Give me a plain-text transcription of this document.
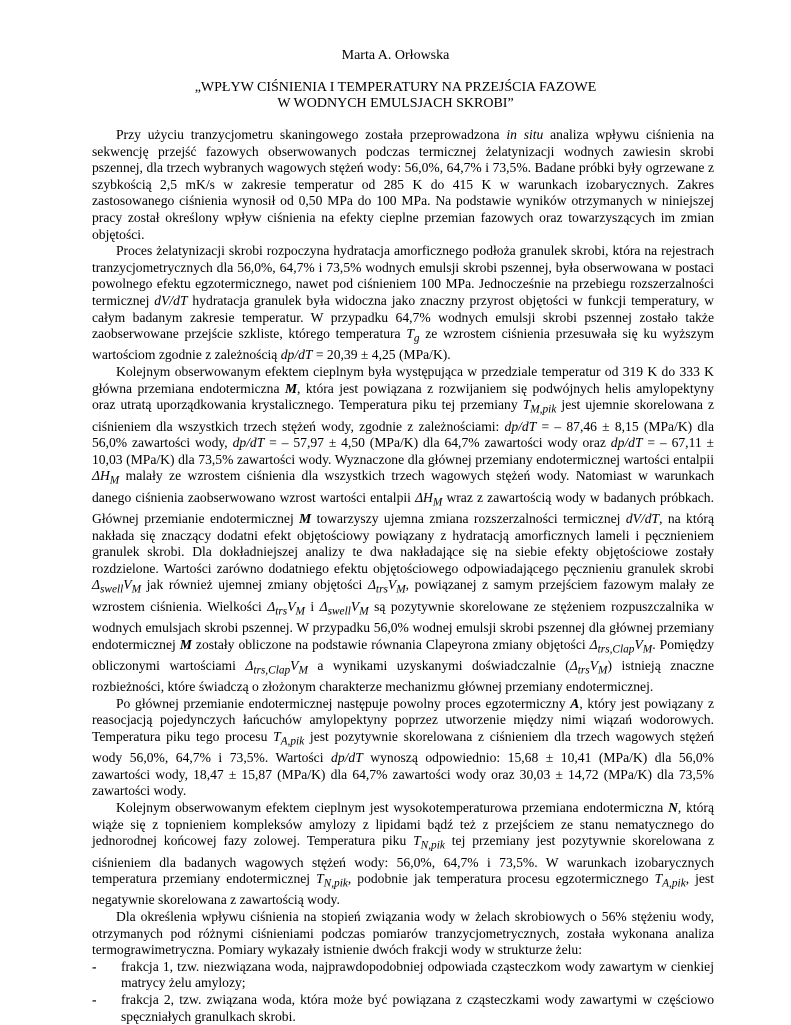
Marta A. Orłowska

„WPŁYW CIŚNIENIA I TEMPERATURY NA PRZEJŚCIA FAZOWE
W WODNYCH EMULSJACH SKROBI”

Przy użyciu tranzycjometru skaningowego została przeprowadzona in situ analiza wpływu ciśnienia na sekwencję przejść fazowych obserwowanych podczas termicznej żelatynizacji wodnych zawiesin skrobi pszennej, dla trzech wybranych wagowych stężeń wody: 56,0%, 64,7% i 73,5%. Badane próbki były ogrzewane z szybkością 2,5 mK/s w zakresie temperatur od 285 K do 415 K w warunkach izobarycznych. Zakres zastosowanego ciśnienia wynosił od 0,50 MPa do 100 MPa. Na podstawie wyników otrzymanych w niniejszej pracy został określony wpływ ciśnienia na efekty cieplne przemian fazowych oraz towarzyszących im zmian objętości.

Proces żelatynizacji skrobi rozpoczyna hydratacja amorficznego podłoża granulek skrobi, która na rejestrach tranzycjometrycznych dla 56,0%, 64,7% i 73,5% wodnych emulsji skrobi pszennej, była obserwowana w postaci powolnego efektu egzotermicznego, nawet pod ciśnieniem 100 MPa. Jednocześnie na przebiegu rozszerzalności termicznej dV/dT hydratacja granulek była widoczna jako znaczny przyrost objętości w funkcji temperatury, w całym badanym zakresie temperatur. W przypadku 64,7% wodnych emulsji skrobi pszennej zostało także zaobserwowane przejście szkliste, którego temperatura $T_g$ ze wzrostem ciśnienia przesuwała się ku wyższym wartościom zgodnie z zależnością dp/dT = 20,39 ± 4,25 (MPa/K).

Kolejnym obserwowanym efektem cieplnym była występująca w przedziale temperatur od 319 K do 333 K główna przemiana endotermiczna M, która jest powiązana z rozwijaniem się podwójnych helis amylopektyny oraz utratą uporządkowania krystalicznego. Temperatura piku tej przemiany $T_{M,pik}$ jest ujemnie skorelowana z ciśnieniem dla wszystkich trzech stężeń wody, zgodnie z zależnościami: dp/dT = – 87,46 ± 8,15 (MPa/K) dla 56,0% zawartości wody, dp/dT = – 57,97 ± 4,50 (MPa/K) dla 64,7% zawartości wody oraz dp/dT = – 67,11 ± 10,03 (MPa/K) dla 73,5% zawartości wody. Wyznaczone dla głównej przemiany endotermicznej wartości entalpii $\Delta H_M$ malały ze wzrostem ciśnienia dla wszystkich trzech wagowych stężeń wody. Natomiast w warunkach danego ciśnienia zaobserwowano wzrost wartości entalpii $\Delta H_M$ wraz z zawartością wody w badanych próbkach. Głównej przemianie endotermicznej M towarzyszy ujemna zmiana rozszerzalności termicznej dV/dT, na którą nakłada się znaczący dodatni efekt objętościowy powiązany z hydratacją amorficznych lameli i pęcznieniem granulek skrobi. Dla dokładniejszej analizy te dwa nakładające się na siebie efekty objętościowe zostały rozdzielone. Wartości zarówno dodatniego efektu objętościowego odpowiadającego pęcznieniu granulek skrobi $\Delta_{swell}V_M$ jak również ujemnej zmiany objętości $\Delta_{trs}V_M$, powiązanej z samym przejściem fazowym malały ze wzrostem ciśnienia. Wielkości $\Delta_{trs}V_M$ i $\Delta_{swell}V_M$ są pozytywnie skorelowane ze stężeniem rozpuszczalnika w wodnych emulsjach skrobi pszennej. W przypadku 56,0% wodnej emulsji skrobi pszennej dla głównej przemiany endotermicznej M zostały obliczone na podstawie równania Clapeyrona zmiany objętości $\Delta_{trs,Clap}V_M$. Pomiędzy obliczonymi wartościami $\Delta_{trs,Clap}V_M$ a wynikami uzyskanymi doświadczalnie $(\Delta_{trs}V_M)$ istnieją znaczne rozbieżności, które świadczą o złożonym charakterze mechanizmu głównej przemiany endotermicznej.

Po głównej przemianie endotermicznej następuje powolny proces egzotermiczny A, który jest powiązany z reasocjacją pojedynczych łańcuchów amylopektyny poprzez utworzenie między nimi wiązań wodorowych. Temperatura piku tego procesu $T_{A,pik}$ jest pozytywnie skorelowana z ciśnieniem dla trzech wagowych stężeń wody 56,0%, 64,7% i 73,5%. Wartości dp/dT wynoszą odpowiednio: 15,68 ± 10,41 (MPa/K) dla 56,0% zawartości wody, 18,47 ± 15,87 (MPa/K) dla 64,7% zawartości wody oraz 30,03 ± 14,72 (MPa/K) dla 73,5% zawartości wody.

Kolejnym obserwowanym efektem cieplnym jest wysokotemperaturowa przemiana endotermiczna N, którą wiąże się z topnieniem kompleksów amylozy z lipidami bądź też z przejściem ze stanu nematycznego do jednorodnej końcowej fazy zolowej. Temperatura piku $T_{N,pik}$ tej przemiany jest pozytywnie skorelowana z ciśnieniem dla badanych wagowych stężeń wody: 56,0%, 64,7% i 73,5%. W warunkach izobarycznych temperatura przemiany endotermicznej $T_{N,pik}$, podobnie jak temperatura procesu egzotermicznego $T_{A,pik}$, jest negatywnie skorelowana z zawartością wody.

Dla określenia wpływu ciśnienia na stopień związania wody w żelach skrobiowych o 56% stężeniu wody, otrzymanych pod różnymi ciśnieniami podczas pomiarów tranzycjometrycznych, została wykonana analiza termograwimetryczna. Pomiary wykazały istnienie dwóch frakcji wody w strukturze żelu:

- frakcja 1, tzw. niezwiązana woda, najprawdopodobniej odpowiada cząsteczkom wody zawartym w cienkiej matrycy żelu amylozy;
- frakcja 2, tzw. związana woda, która może być powiązana z cząsteczkami wody zawartymi w częściowo spęczniałych granulkach skrobi.
